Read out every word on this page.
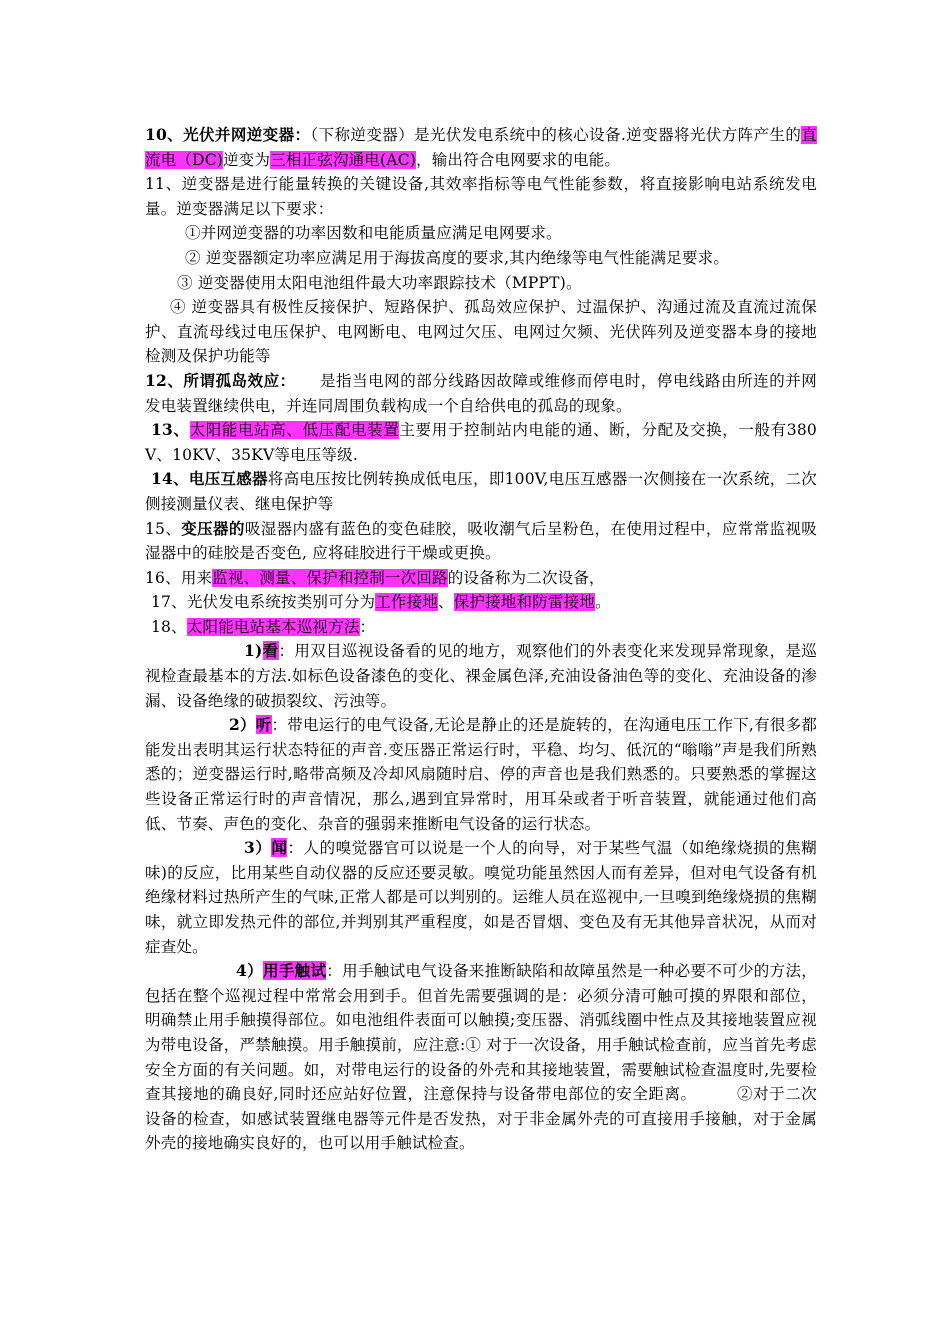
10、光伏并网逆变器：（下称逆变器）是光伏发电系统中的核心设备.逆变器将光伏方阵产生的直流电（DC)逆变为三相正弦沟通电(AC)，输出符合电网要求的电能。

11、逆变器是进行能量转换的关键设备,其效率指标等电气性能参数，将直接影响电站系统发电量。逆变器满足以下要求：

①并网逆变器的功率因数和电能质量应满足电网要求。

② 逆变器额定功率应满足用于海拔高度的要求,其内绝缘等电气性能满足要求。

③ 逆变器使用太阳电池组件最大功率跟踪技术（MPPT)。

④ 逆变器具有极性反接保护、短路保护、孤岛效应保护、过温保护、沟通过流及直流过流保护、直流母线过电压保护、电网断电、电网过欠压、电网过欠频、光伏阵列及逆变器本身的接地检测及保护功能等

12、所谓孤岛效应：　　是指当电网的部分线路因故障或维修而停电时，停电线路由所连的并网发电装置继续供电，并连同周围负载构成一个自给供电的孤岛的现象。

13、太阳能电站高、低压配电装置主要用于控制站内电能的通、断，分配及交换，一般有380V、10KV、35KV等电压等级.

14、电压互感器将高电压按比例转换成低电压，即100V,电压互感器一次侧接在一次系统，二次侧接测量仪表、继电保护等

15、变压器的吸湿器内盛有蓝色的变色硅胶，吸收潮气后呈粉色，在使用过程中，应常常监视吸湿器中的硅胶是否变色, 应将硅胶进行干燥或更换。

16、用来监视、测量、保护和控制一次回路的设备称为二次设备，

17、光伏发电系统按类别可分为工作接地、保护接地和防雷接地。

18、太阳能电站基本巡视方法：

1)看：用双目巡视设备看的见的地方，观察他们的外表变化来发现异常现象，是巡视检查最基本的方法.如标色设备漆色的变化、裸金属色泽,充油设备油色等的变化、充油设备的渗漏、设备绝缘的破损裂纹、污浊等。

2）听：带电运行的电气设备,无论是静止的还是旋转的，在沟通电压工作下,有很多都能发出表明其运行状态特征的声音.变压器正常运行时，平稳、均匀、低沉的“嗡嗡”声是我们所熟悉的；逆变器运行时,略带高频及冷却风扇随时启、停的声音也是我们熟悉的。只要熟悉的掌握这些设备正常运行时的声音情况，那么,遇到宜异常时，用耳朵或者于听音装置，就能通过他们高低、节奏、声色的变化、杂音的强弱来推断电气设备的运行状态。

3）闻：人的嗅觉器官可以说是一个人的向导，对于某些气温（如绝缘烧损的焦糊味)的反应，比用某些自动仪器的反应还要灵敏。嗅觉功能虽然因人而有差异，但对电气设备有机绝缘材料过热所产生的气味,正常人都是可以判别的。运维人员在巡视中,一旦嗅到绝缘烧损的焦糊味，就立即发热元件的部位,并判别其严重程度，如是否冒烟、变色及有无其他异音状况，从而对症查处。

4）用手触试：用手触试电气设备来推断缺陷和故障虽然是一种必要不可少的方法，包括在整个巡视过程中常常会用到手。但首先需要强调的是：必须分清可触可摸的界限和部位，明确禁止用手触摸得部位。如电池组件表面可以触摸;变压器、消弧线圈中性点及其接地装置应视为带电设备，严禁触摸。用手触摸前，应注意:① 对于一次设备，用手触试检查前，应当首先考虑安全方面的有关问题。如，对带电运行的设备的外壳和其接地装置，需要触试检查温度时,先要检查其接地的确良好,同时还应站好位置，注意保持与设备带电部位的安全距离。　　　②对于二次设备的检查，如感试装置继电器等元件是否发热，对于非金属外壳的可直接用手接触，对于金属外壳的接地确实良好的，也可以用手触试检查。
